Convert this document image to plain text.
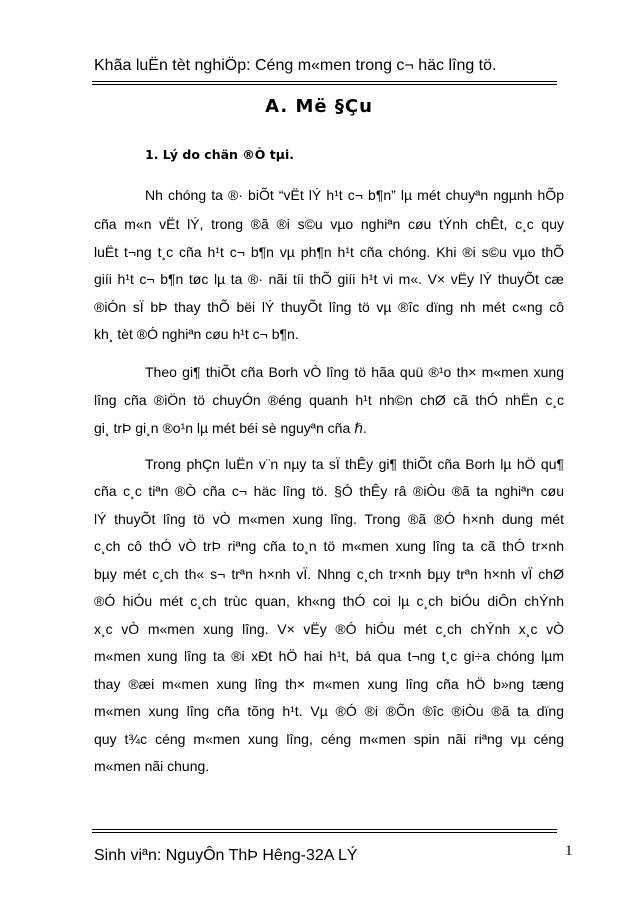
Khãa luËn tèt nghiÖp: Céng m«men trong c¬ häc lîng tö.
A. Më §Çu
1. Lý do chän ®Ò tµi.
Nh chóng ta ®· biÕt “vËt lÝ h¹t c¬ b¶n” lµ mét chuyªn ngµnh hÕp
cña m«n vËt lÝ, trong ®ã ®i s©u vµo nghiªn cøu tÝnh chÊt, c¸c quy
luËt t¬ng t¸c cña h¹t c¬ b¶n vµ ph¶n h¹t cña chóng. Khi ®i s©u vµo thÕ
giíi h¹t c¬ b¶n tøc lµ ta ®· nãi tíi thÕ giíi h¹t vi m«. V× vËy lÝ thuyÕt cæ
®iÓn sÏ bÞ thay thÕ bëi lÝ thuyÕt lîng tö vµ ®îc dïng nh mét c«ng cô
kh¸ tèt ®Ó nghiªn cøu h¹t c¬ b¶n.
Theo gi¶ thiÕt cña Borh vÒ lîng tö hãa quü ®¹o th× m«men xung
lîng cña ®iÖn tö chuyÓn ®éng quanh h¹t nh©n chØ cã thÓ nhËn c¸c
gi¸ trÞ gi¸n ®o¹n lµ mét béi sè nguyªn cña ℏ.
Trong phÇn luËn v¨n nµy ta sÏ thÊy gi¶ thiÕt cña Borh lµ hÖ qu¶
cña c¸c tiªn ®Ò cña c¬ häc lîng tö. §Ó thÊy râ ®iÒu ®ã ta nghiªn cøu
lÝ thuyÕt lîng tö vÒ m«men xung lîng. Trong ®ã ®Ó h×nh dung mét
c¸ch cô thÓ vÒ trÞ riªng cña to¸n tö m«men xung lîng ta cã thÓ tr×nh
bµy mét c¸ch th« s¬ trªn h×nh vÏ. Nhng c¸ch tr×nh bµy trªn h×nh vÏ chØ
®Ó hiÓu mét c¸ch trùc quan, kh«ng thÓ coi lµ c¸ch biÓu diÔn chÝnh
x¸c vÒ m«men xung lîng. V× vËy ®Ó hiÓu mét c¸ch chÝnh x¸c vÒ
m«men xung lîng ta ®i xÐt hÖ hai h¹t, bá qua t¬ng t¸c gi÷a chóng lµm
thay ®æi m«men xung lîng th× m«men xung lîng cña hÖ b»ng tæng
m«men xung lîng cña tõng h¹t. Vµ ®Ó ®i ®Õn ®îc ®iÒu ®ã ta dïng
quy t¾c céng m«men xung lîng, céng m«men spin nãi riªng vµ céng
m«men nãi chung.
Sinh viªn: NguyÔn ThÞ Hêng-32A LÝ	1
